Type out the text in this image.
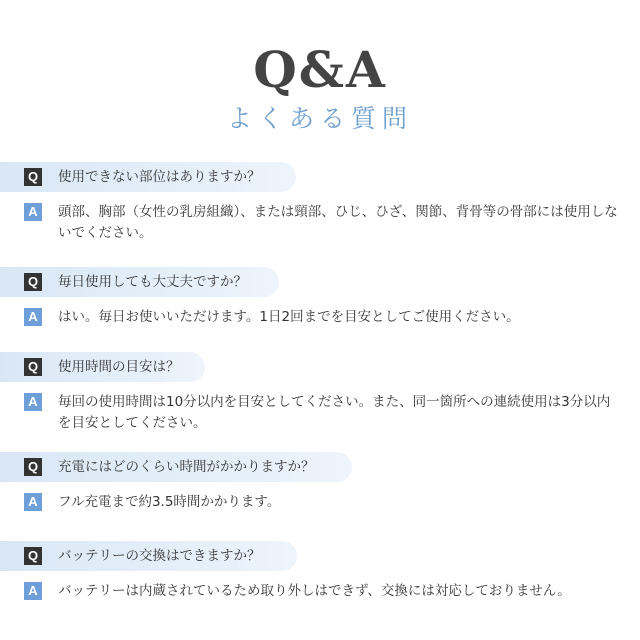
Q&A
よくある質問
Q 使用できない部位はありますか？
A	頭部、胸部（女性の乳房組織）、または頸部、ひじ、ひざ、関節、背骨等の骨部には使用しないでください。
Q 毎日使用しても大丈夫ですか？
A	はい。毎日お使いいただけます。1日2回までを目安としてご使用ください。
Q 使用時間の目安は？
A	毎回の使用時間は10分以内を目安としてください。また、同一箇所への連続使用は3分以内を目安としてください。
Q 充電にはどのくらい時間がかかりますか？
A	フル充電まで約3.5時間かかります。
Q バッテリーの交換はできますか？
A	バッテリーは内蔵されているため取り外しはできず、交換には対応しておりません。
